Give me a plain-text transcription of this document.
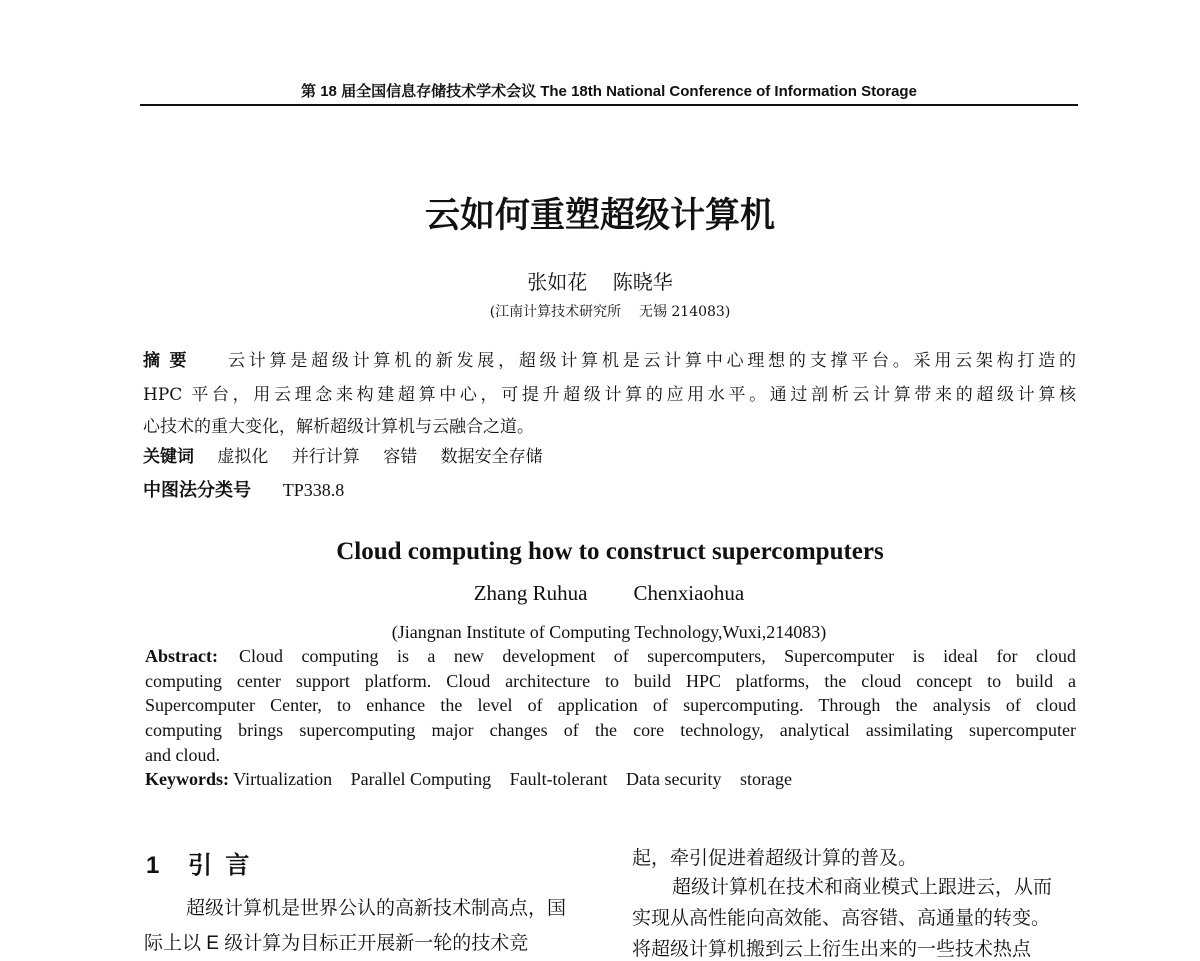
第 18 届全国信息存储技术学术会议 The 18th National Conference of Information Storage
云如何重塑超级计算机
张如花    陈晓华
(江南计算技术研究所    无锡 214083)
摘  要 云计算是超级计算机的新发展，超级计算机是云计算中心理想的支撑平台。采用云架构打造的
HPC 平台，用云理念来构建超算中心，可提升超级计算的应用水平。通过剖析云计算带来的超级计算核
心技术的重大变化，解析超级计算机与云融合之道。
关键词 虚拟化 并行计算 容错 数据安全存储
中图法分类号 TP338.8
Cloud computing how to construct supercomputers
Zhang Ruhua Chenxiaohua
(Jiangnan Institute of Computing Technology,Wuxi,214083)
Abstract: Cloud computing is a new development of supercomputers, Supercomputer is ideal for cloud
computing center support platform. Cloud architecture to build HPC platforms, the cloud concept to build a
Supercomputer Center, to enhance the level of application of supercomputing. Through the analysis of cloud
computing brings supercomputing major changes of the core technology, analytical assimilating supercomputer
and cloud.
Keywords: Virtualization Parallel Computing Fault-tolerant Data security storage
1 引  言
超级计算机是世界公认的高新技术制高点，国
际上以 E 级计算为目标正开展新一轮的技术竞
起，牵引促进着超级计算的普及。
超级计算机在技术和商业模式上跟进云，从而
实现从高性能向高效能、高容错、高通量的转变。
将超级计算机搬到云上衍生出来的一些技术热点
